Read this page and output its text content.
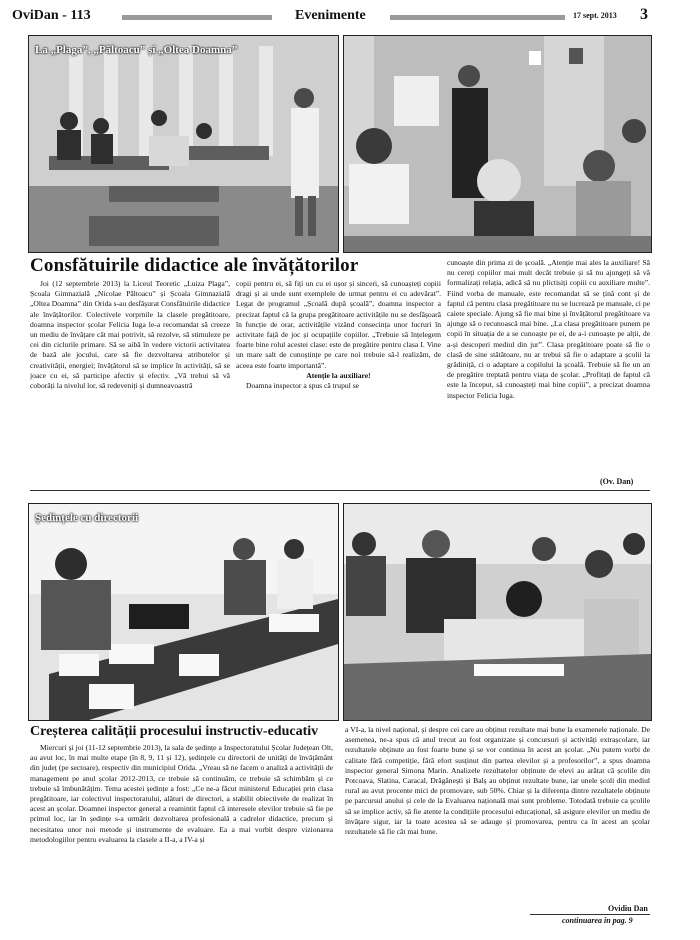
OviDan - 113	Evenimente	17 sept. 2013 3
La „Plaga”, „Păltoacu” și „Oltea Doamna”
Consfătuirile didactice ale învățătorilor

Joi (12 septembrie 2013) la Liceul Teoretic „Luiza Plaga”, Școala Gimnazială „Nicolae Păltoacu” și Școala Gimnazială „Oltea Doamna” din Orida s-au desfășurat Consfătuirile didactice ale învățătorilor. Colectivele vorprnile la clasele pregătitoare, doamna inspector școlar Felicia Iuga le-a recomandat să creeze un mediu de învățare cât mai potrivit, să rezolve, să stimuleze pe cei din ciclurile primare. Să se aibă în vedere victorii activitatea de bază ale jocului, care să fie dezvoltarea atributelor și creativității, energiei; învățătorul să se implice în activități, să se joace cu ei, să participe afectiv și efectiv. „Vă trebui să vă coborâți la nivelul lor, să redeveniți și dumneavoastră

copii pentru ei, să fiți un cu ei ușor și sinceri, să cunoașteți copiii dragi și ai unde sunt exemplele de urmat pentru ei cu adevărat”. Legat de programul „Școală după școală”, doamna inspector a precizat faptul că la grupa pregătitoare activitățile nu se desfășoară în funcție de orar, activitățile vizând consecința unor lucruri în activitate față de joc și ocupațiile copiilor. „Trebuie să înțelegem foarte bine rolul acestei clase: este de pregătire pentru clasa I. Vine un mare salt de cunoștințe pe care noi trebuie să-l realizăm, de aceea este foarte importantă”.

Atenție la auxiliare!

Doamna inspector a spus că trupul se

cunoaște din prima zi de școală. „Atenție mai ales la auxiliare! Să nu cereți copiilor mai mult decât trebuie și să nu ajungeți să vă formalizați relația, adică să nu plictisiți copiii cu auxiliare multe”. Fiind vorba de manuale, este recomandat să se țină cont și de faptul că pentru clasa pregătitoare nu se lucrează pe manuale, ci pe caiete speciale. Ajung să fie mai bine și învățătorul pregătitoare va ajunge să o recunoască mai bine. „La clasa pregătitoare punem pe copii în situația de a se cunoaște pe ei, de a-i cunoaște pe alții, de a-și descoperi mediul din jur”. Clasa pregătitoare poate să fie o clasă de sine stătătoare, nu ar trebui să fie o adaptare a școlii la grădiniță, ci o adaptare a copilului la școală. Trebuie să fie un an de pregătire treptată pentru viața de școlar. „Profitați de faptul că este la început, să cunoașteți mai bine copiii”, a precizat doamna inspector Felicia Iuga.

(Ov. Dan)
Ședințele cu directorii
Creșterea calității procesului instructiv-educativ

Miercuri și joi (11-12 septembrie 2013), la sala de ședințe a Inspectoratului Școlar Județean Olt, au avut loc, în mai multe etape (în 8, 9, 11 și 12), ședințele cu directorii de unități de învățământ din județ (pe sectoare), respectiv din municipiul Orida. „Vreau să ne facem o analiză a activității de management pe anul școlar 2012-2013, ce trebuie să continuăm, ce trebuie să schimbăm și ce trebuie să îmbunătățim. Tema acestei ședințe a fost: „Ce ne-a făcut ministerul Educației prin clasa pregătitoare, iar colectivul inspectoratului, alături de directori, a stabilit obiectivele de realizat în acest an școlar. Doamnei inspector general a reamintit faptul că interesele elevilor trebuie să fie pe primul loc, iar în ședințe s-a urmărit dezvoltarea profesională a cadrelor didactice, precum și necesitatea unor noi metode și instrumente de evaluare. Ea a mai vorbit despre vizionarea metodologiilor pentru evaluarea la clasele a II-a, a IV-a și

a VI-a, la nivel național, și despre cei care au obținut rezultate mai bune la examenele naționale. De asemenea, ne-a spus că anul trecut au fost organizate și concursuri și activități extrașcolare, iar rezultatele obținute au fost foarte bune și se vor continua în acest an școlar. „Nu putem vorbi de calitate fără competiție, fără efort susținut din partea elevilor și a profesorilor”, a spus doamna inspector general Simona Marin. Analizele rezultatelor obținute de elevi au arătat că școlile din Potcoava, Slatina, Caracal, Drăgănești și Balș au obținut rezultate bune, iar unele școli din mediul rural au avut procente mici de promovare, sub 50%. Chiar și la diferența dintre rezultatele obținute pe parcursul anului și cele de la Evaluarea națională mai sunt probleme. Totodată trebuie ca școlile să se implice activ, să fie atente la condițiile procesului educațional, să asigure elevilor un mediu de învățare sigur, iar la toate acestea să se adauge și promovarea, pentru ca în acest an școlar rezultatele să fie cât mai bune.

Ovidiu Dan
continuarea în pag. 9
